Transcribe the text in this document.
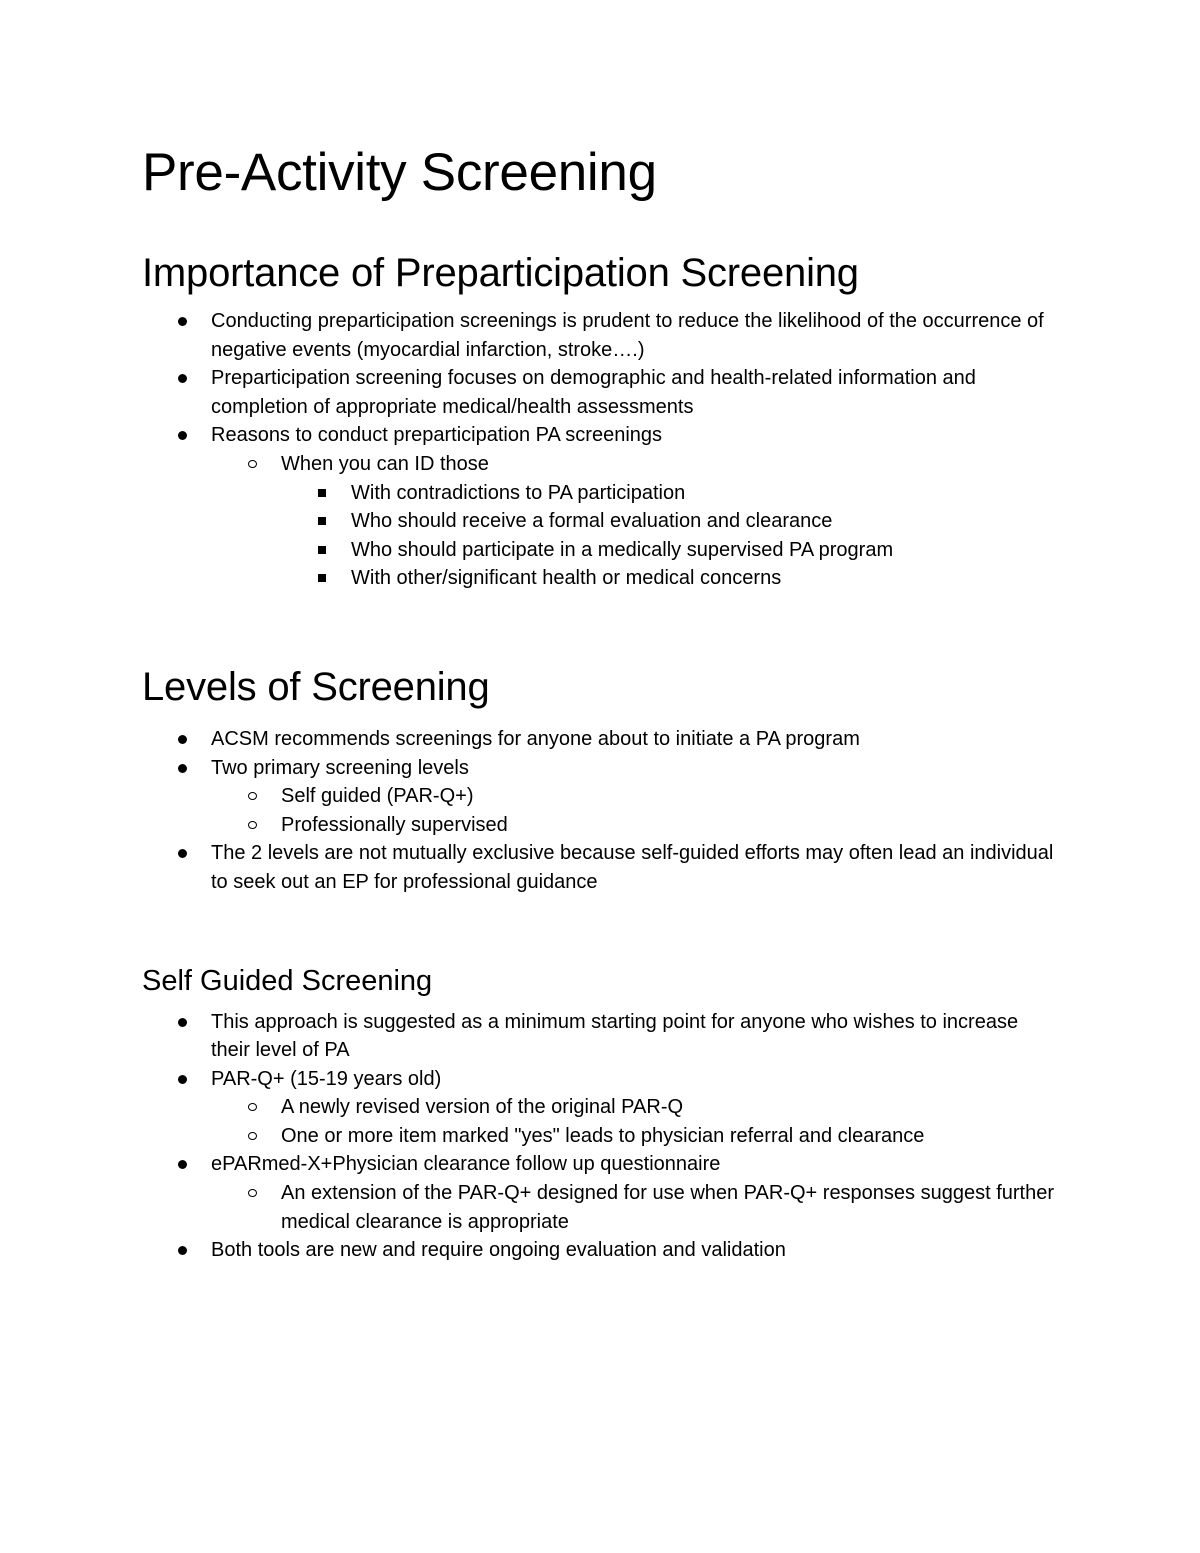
Pre-Activity Screening
Importance of Preparticipation Screening
Conducting preparticipation screenings is prudent to reduce the likelihood of the occurrence of negative events (myocardial infarction, stroke….)
Preparticipation screening focuses on demographic and health-related information and completion of appropriate medical/health assessments
Reasons to conduct preparticipation PA screenings
When you can ID those
With contradictions to PA participation
Who should receive a formal evaluation and clearance
Who should participate in a medically supervised PA program
With other/significant health or medical concerns
Levels of Screening
ACSM recommends screenings for anyone about to initiate a PA program
Two primary screening levels
Self guided (PAR-Q+)
Professionally supervised
The 2 levels are not mutually exclusive because self-guided efforts may often lead an individual to seek out an EP for professional guidance
Self Guided Screening
This approach is suggested as a minimum starting point for anyone who wishes to increase their level of PA
PAR-Q+ (15-19 years old)
A newly revised version of the original PAR-Q
One or more item marked "yes" leads to physician referral and clearance
ePARmed-X+Physician clearance follow up questionnaire
An extension of the PAR-Q+ designed for use when PAR-Q+ responses suggest further medical clearance is appropriate
Both tools are new and require ongoing evaluation and validation
